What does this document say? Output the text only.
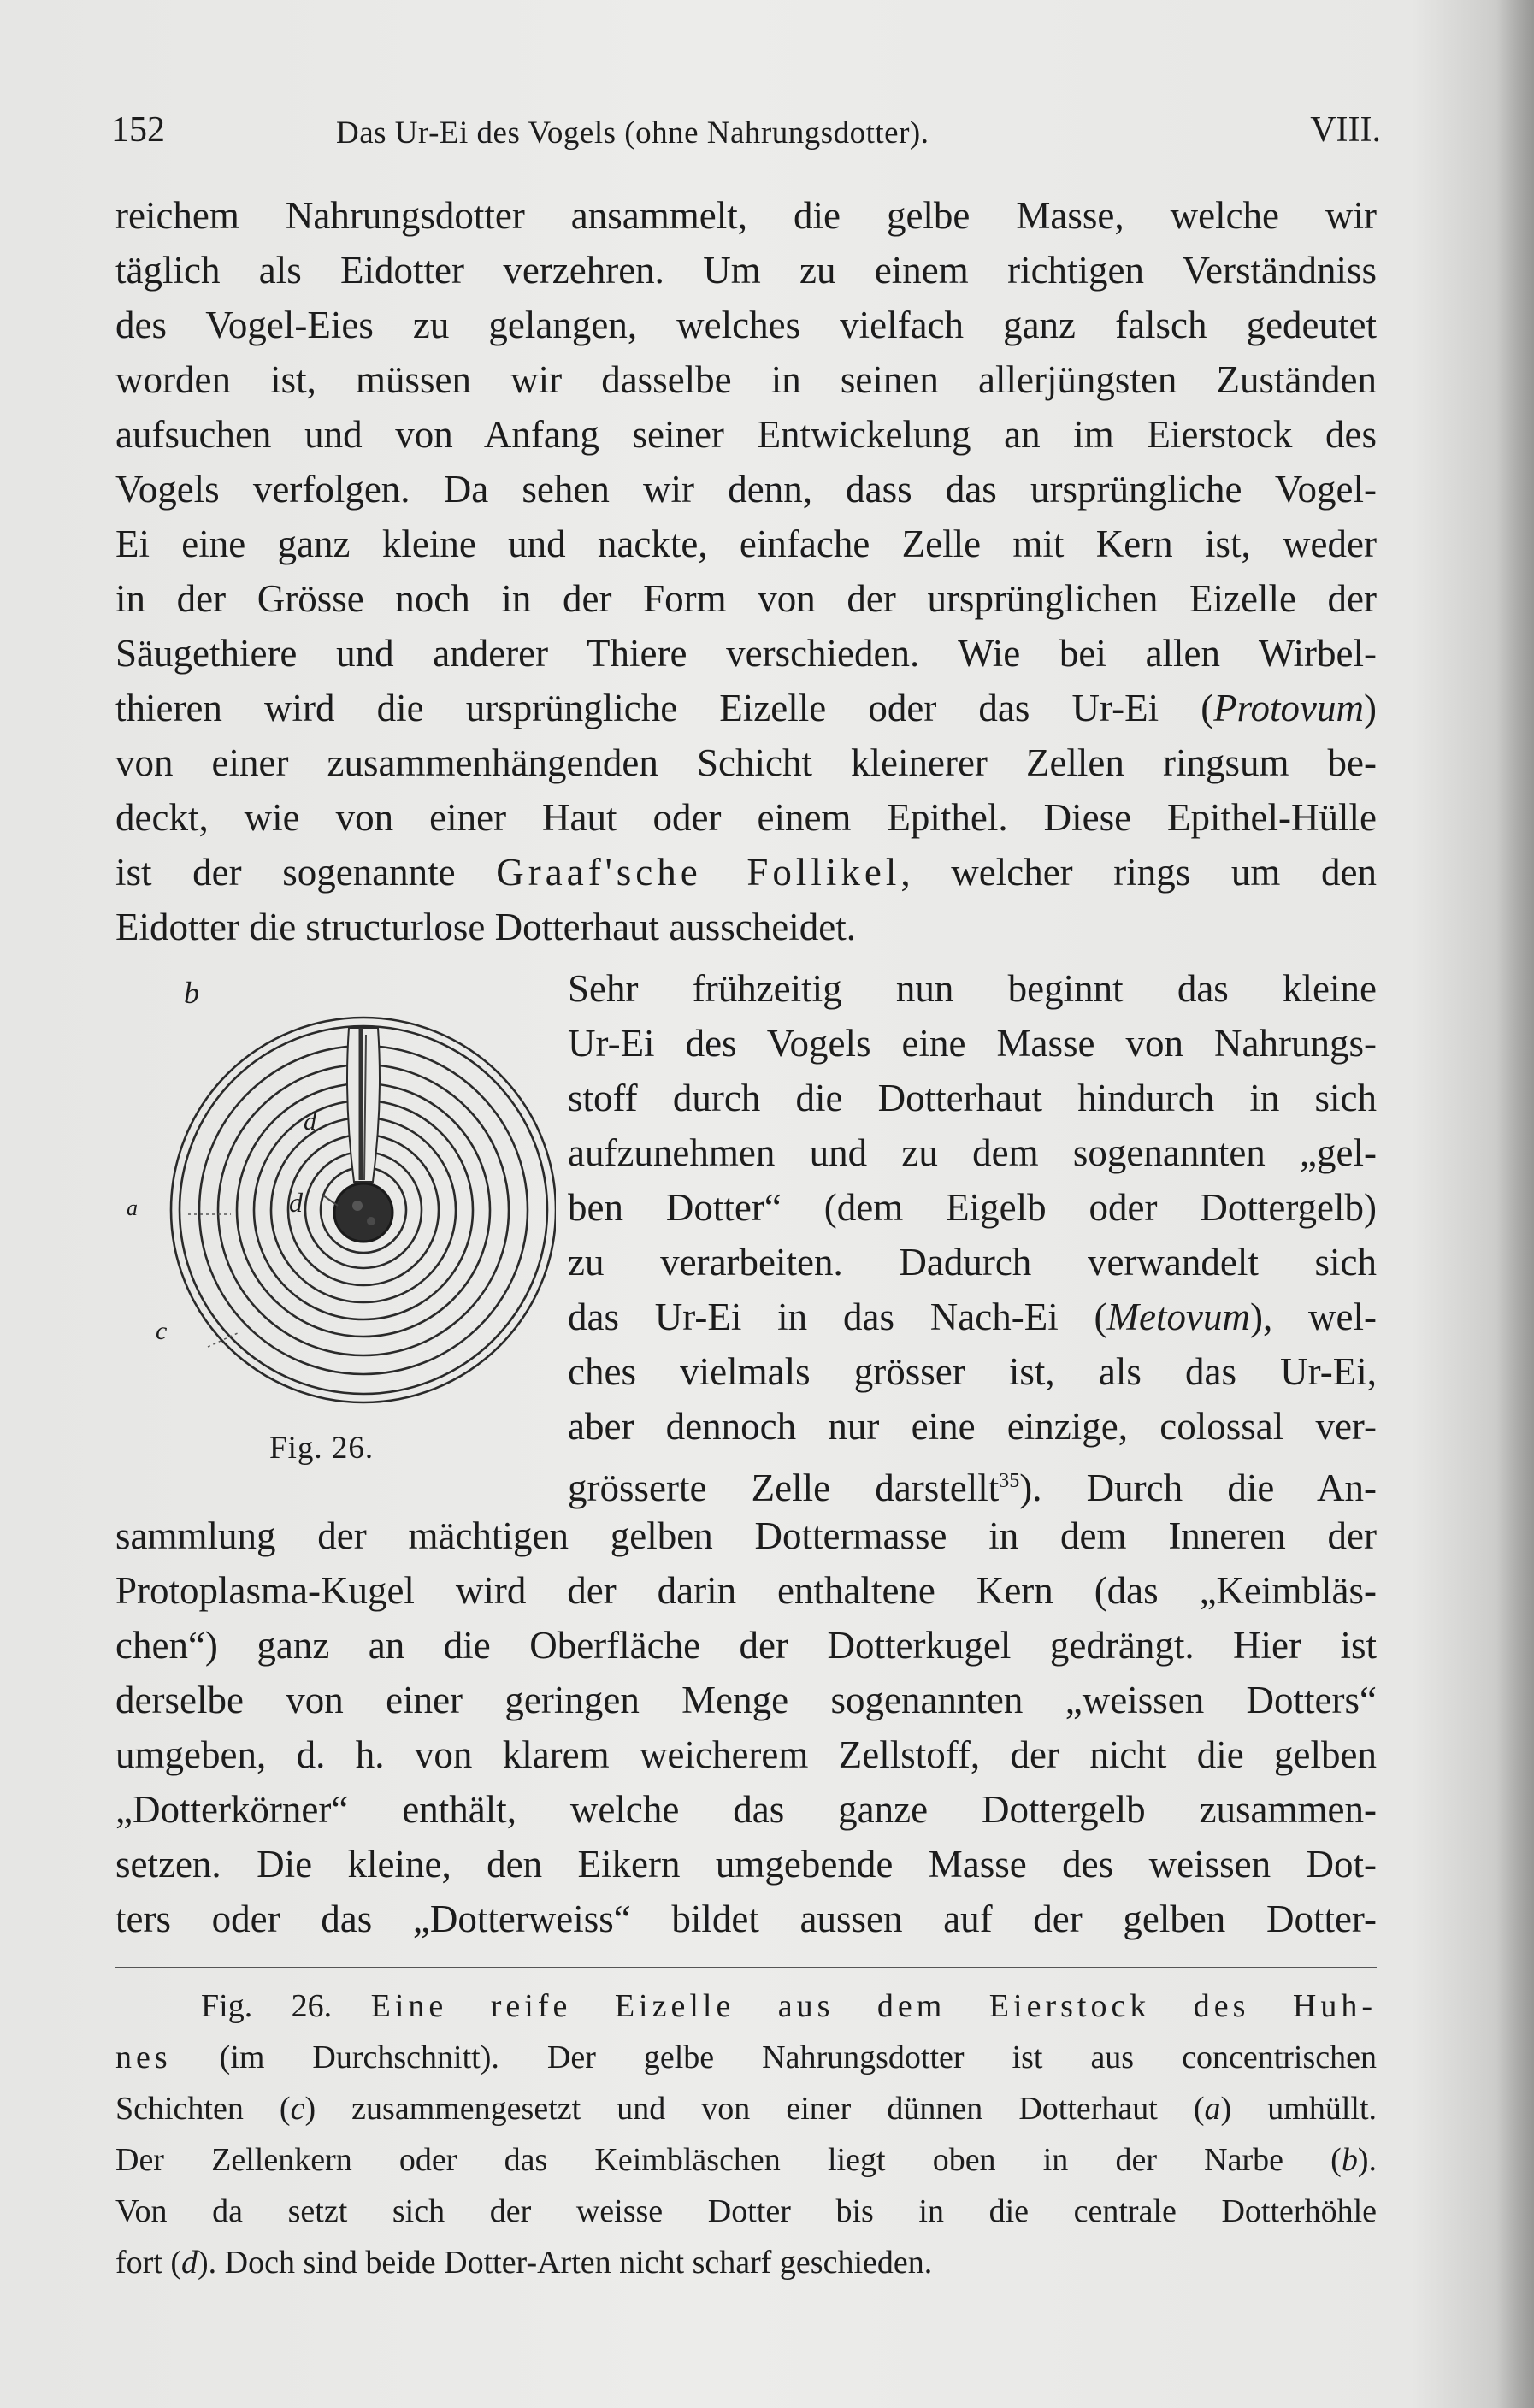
152	Das Ur-Ei des Vogels (ohne Nahrungsdotter).	VIII.
reichem Nahrungsdotter ansammelt, die gelbe Masse, welche wir
täglich als Eidotter verzehren. Um zu einem richtigen Verständniss
des Vogel-Eies zu gelangen, welches vielfach ganz falsch gedeutet
worden ist, müssen wir dasselbe in seinen allerjüngsten Zuständen
aufsuchen und von Anfang seiner Entwickelung an im Eierstock des
Vogels verfolgen. Da sehen wir denn, dass das ursprüngliche Vogel-
Ei eine ganz kleine und nackte, einfache Zelle mit Kern ist, weder
in der Grösse noch in der Form von der ursprünglichen Eizelle der
Säugethiere und anderer Thiere verschieden. Wie bei allen Wirbel-
thieren wird die ursprüngliche Eizelle oder das Ur-Ei (Protovum)
von einer zusammenhängenden Schicht kleinerer Zellen ringsum be-
deckt, wie von einer Haut oder einem Epithel. Diese Epithel-Hülle
ist der sogenannte Graaf'sche Follikel, welcher rings um den
Eidotter die structurlose Dotterhaut ausscheidet.
Sehr frühzeitig nun beginnt das kleine
Ur-Ei des Vogels eine Masse von Nahrungs-
stoff durch die Dotterhaut hindurch in sich
aufzunehmen und zu dem sogenannten „gel-
ben Dotter“ (dem Eigelb oder Dottergelb)
zu verarbeiten. Dadurch verwandelt sich
das Ur-Ei in das Nach-Ei (Metovum), wel-
ches vielmals grösser ist, als das Ur-Ei,
aber dennoch nur eine einzige, colossal ver-
grösserte Zelle darstellt$^{35}$). Durch die An-
sammlung der mächtigen gelben Dottermasse in dem Inneren der
Protoplasma-Kugel wird der darin enthaltene Kern (das „Keimbläs-
chen“) ganz an die Oberfläche der Dotterkugel gedrängt. Hier ist
derselbe von einer geringen Menge sogenannten „weissen Dotters“
umgeben, d. h. von klarem weicherem Zellstoff, der nicht die gelben
„Dotterkörner“ enthält, welche das ganze Dottergelb zusammen-
setzen. Die kleine, den Eikern umgebende Masse des weissen Dot-
ters oder das „Dotterweiss“ bildet aussen auf der gelben Dotter-
b
d
d
a
c
Fig. 26.
Fig. 26. Eine reife Eizelle aus dem Eierstock des Huh-
nes (im Durchschnitt). Der gelbe Nahrungsdotter ist aus concentrischen
Schichten (c) zusammengesetzt und von einer dünnen Dotterhaut (a) umhüllt.
Der Zellenkern oder das Keimbläschen liegt oben in der Narbe (b).
Von da setzt sich der weisse Dotter bis in die centrale Dotterhöhle
fort (d). Doch sind beide Dotter-Arten nicht scharf geschieden.
